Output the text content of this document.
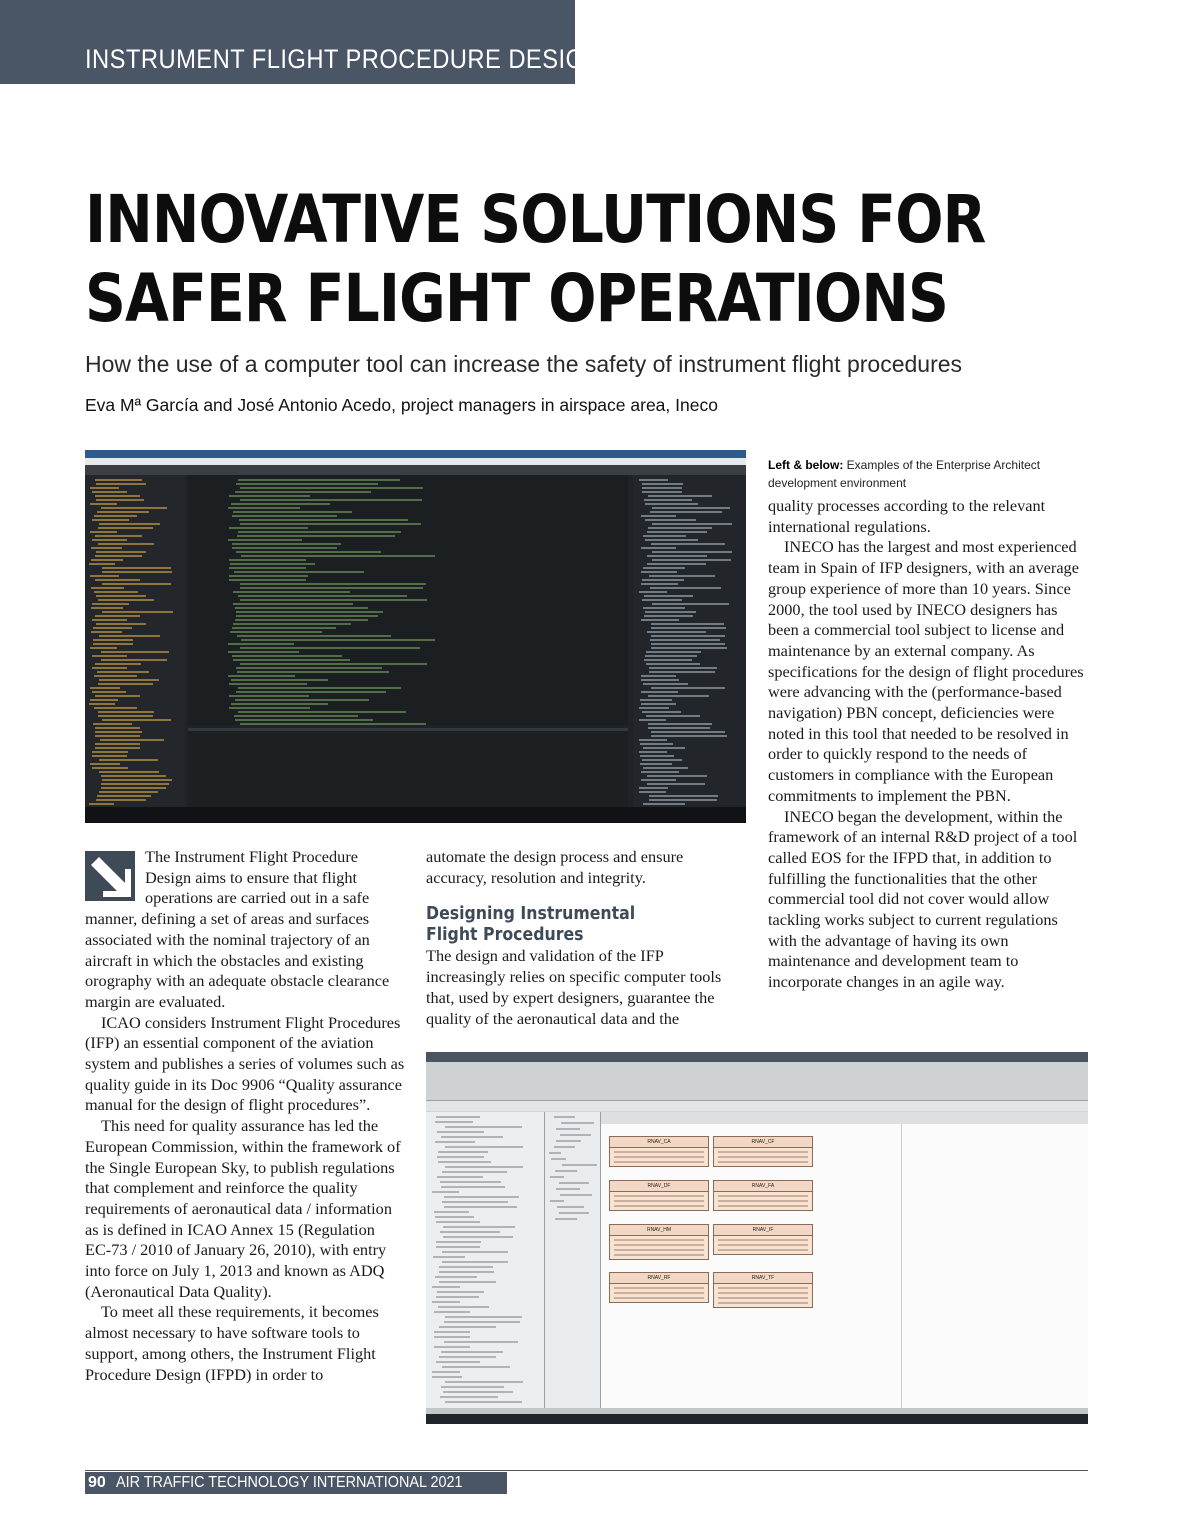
INSTRUMENT FLIGHT PROCEDURE DESIGN
INNOVATIVE SOLUTIONS FOR
SAFER FLIGHT OPERATIONS
How the use of a computer tool can increase the safety of instrument flight procedures
Eva Mª García and José Antonio Acedo, project managers in airspace area, Ineco
Left & below: Examples of the Enterprise Architect development environment

The Instrument Flight Procedure Design aims to ensure that flight operations are carried out in a safe manner, defining a set of areas and surfaces associated with the nominal trajectory of an aircraft in which the obstacles and existing orography with an adequate obstacle clearance margin are evaluated.

ICAO considers Instrument Flight Procedures (IFP) an essential component of the aviation system and publishes a series of volumes such as quality guide in its Doc 9906 “Quality assurance manual for the design of flight procedures”.

This need for quality assurance has led the European Commission, within the framework of the Single European Sky, to publish regulations that complement and reinforce the quality requirements of aeronautical data / information as is defined in ICAO Annex 15 (Regulation EC-73 / 2010 of January 26, 2010), with entry into force on July 1, 2013 and known as ADQ (Aeronautical Data Quality).

To meet all these requirements, it becomes almost necessary to have software tools to support, among others, the Instrument Flight Procedure Design (IFPD) in order to

automate the design process and ensure accuracy, resolution and integrity.

Designing Instrumental
Flight Procedures

The design and validation of the IFP increasingly relies on specific computer tools that, used by expert designers, guarantee the quality of the aeronautical data and the

quality processes according to the relevant international regulations.

INECO has the largest and most experienced team in Spain of IFP designers, with an average group experience of more than 10 years. Since 2000, the tool used by INECO designers has been a commercial tool subject to license and maintenance by an external company. As specifications for the design of flight procedures were advancing with the (performance-based navigation) PBN concept, deficiencies were noted in this tool that needed to be resolved in order to quickly respond to the needs of customers in compliance with the European commitments to implement the PBN.

INECO began the development, within the framework of an internal R&D project of a tool called EOS for the IFPD that, in addition to fulfilling the functionalities that the other commercial tool did not cover would allow tackling works subject to current regulations with the advantage of having its own maintenance and development team to incorporate changes in an agile way.

RNAV_CA	RNAV_CF
RNAV_DF	RNAV_FA
RNAV_HM	RNAV_IF
RNAV_RF	RNAV_TF
90 AIR TRAFFIC TECHNOLOGY INTERNATIONAL 2021
